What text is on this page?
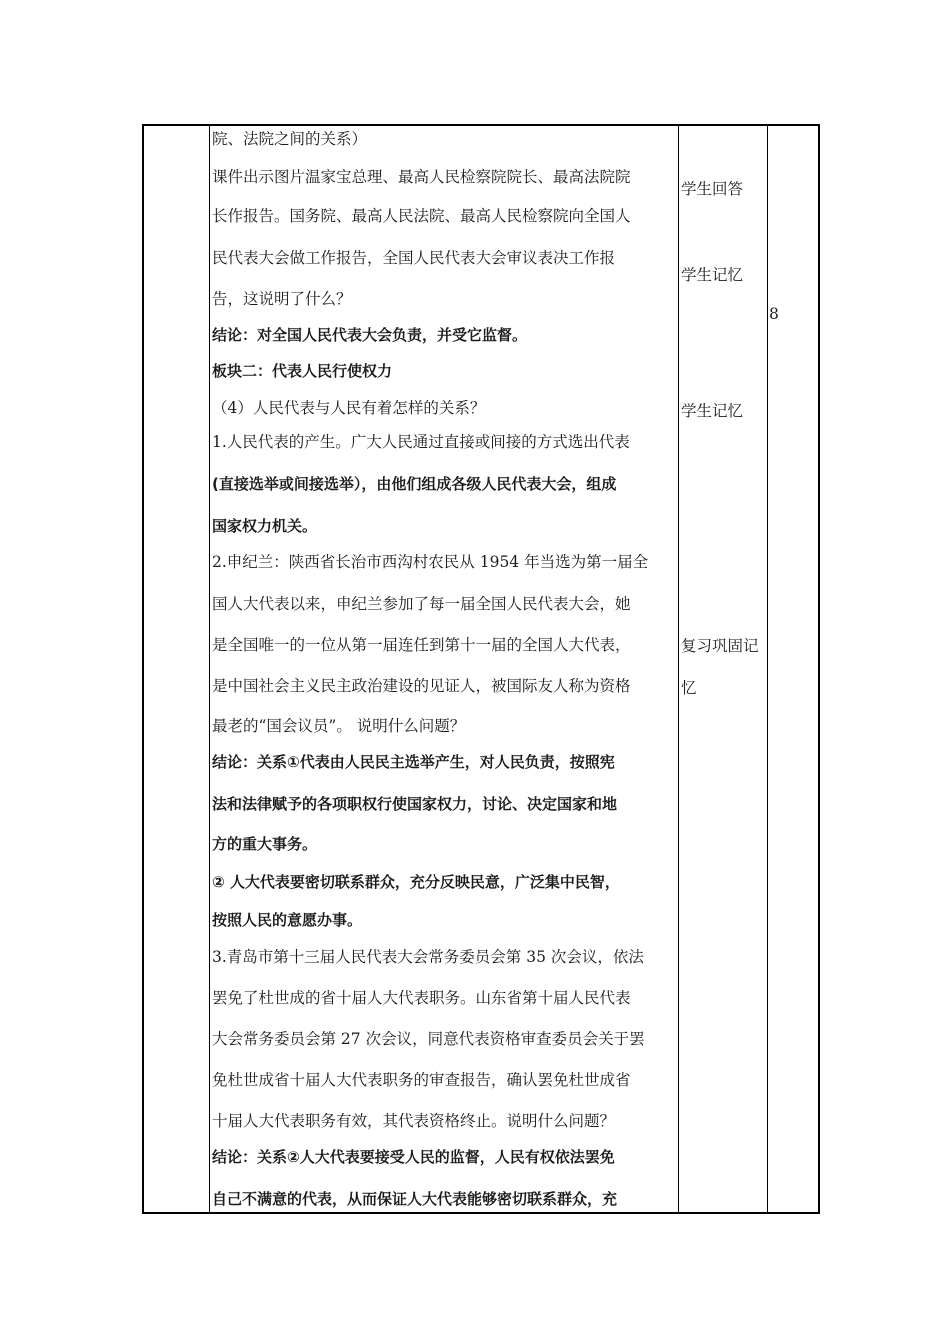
院、法院之间的关系）
课件出示图片温家宝总理、最高人民检察院院长、最高法院院
长作报告。国务院、最高人民法院、最高人民检察院向全国人
民代表大会做工作报告，全国人民代表大会审议表决工作报
告，这说明了什么？
结论：对全国人民代表大会负责，并受它监督。
板块二：代表人民行使权力
（4）人民代表与人民有着怎样的关系？
1.人民代表的产生。广大人民通过直接或间接的方式选出代表
(直接选举或间接选举），由他们组成各级人民代表大会，组成
国家权力机关。
2.申纪兰：陕西省长治市西沟村农民从 1954 年当选为第一届全
国人大代表以来，申纪兰参加了每一届全国人民代表大会，她
是全国唯一的一位从第一届连任到第十一届的全国人大代表，
是中国社会主义民主政治建设的见证人，被国际友人称为资格
最老的“国会议员”。 说明什么问题？
结论：关系①代表由人民民主选举产生，对人民负责，按照宪
法和法律赋予的各项职权行使国家权力，讨论、决定国家和地
方的重大事务。
② 人大代表要密切联系群众，充分反映民意，广泛集中民智，
按照人民的意愿办事。
3.青岛市第十三届人民代表大会常务委员会第 35 次会议，依法
罢免了杜世成的省十届人大代表职务。山东省第十届人民代表
大会常务委员会第 27 次会议，同意代表资格审查委员会关于罢
免杜世成省十届人大代表职务的审查报告，确认罢免杜世成省
十届人大代表职务有效，其代表资格终止。说明什么问题？
结论：关系②人大代表要接受人民的监督，人民有权依法罢免
自己不满意的代表，从而保证人大代表能够密切联系群众，充
学生回答
学生记忆
学生记忆
复习巩固记
忆
8
